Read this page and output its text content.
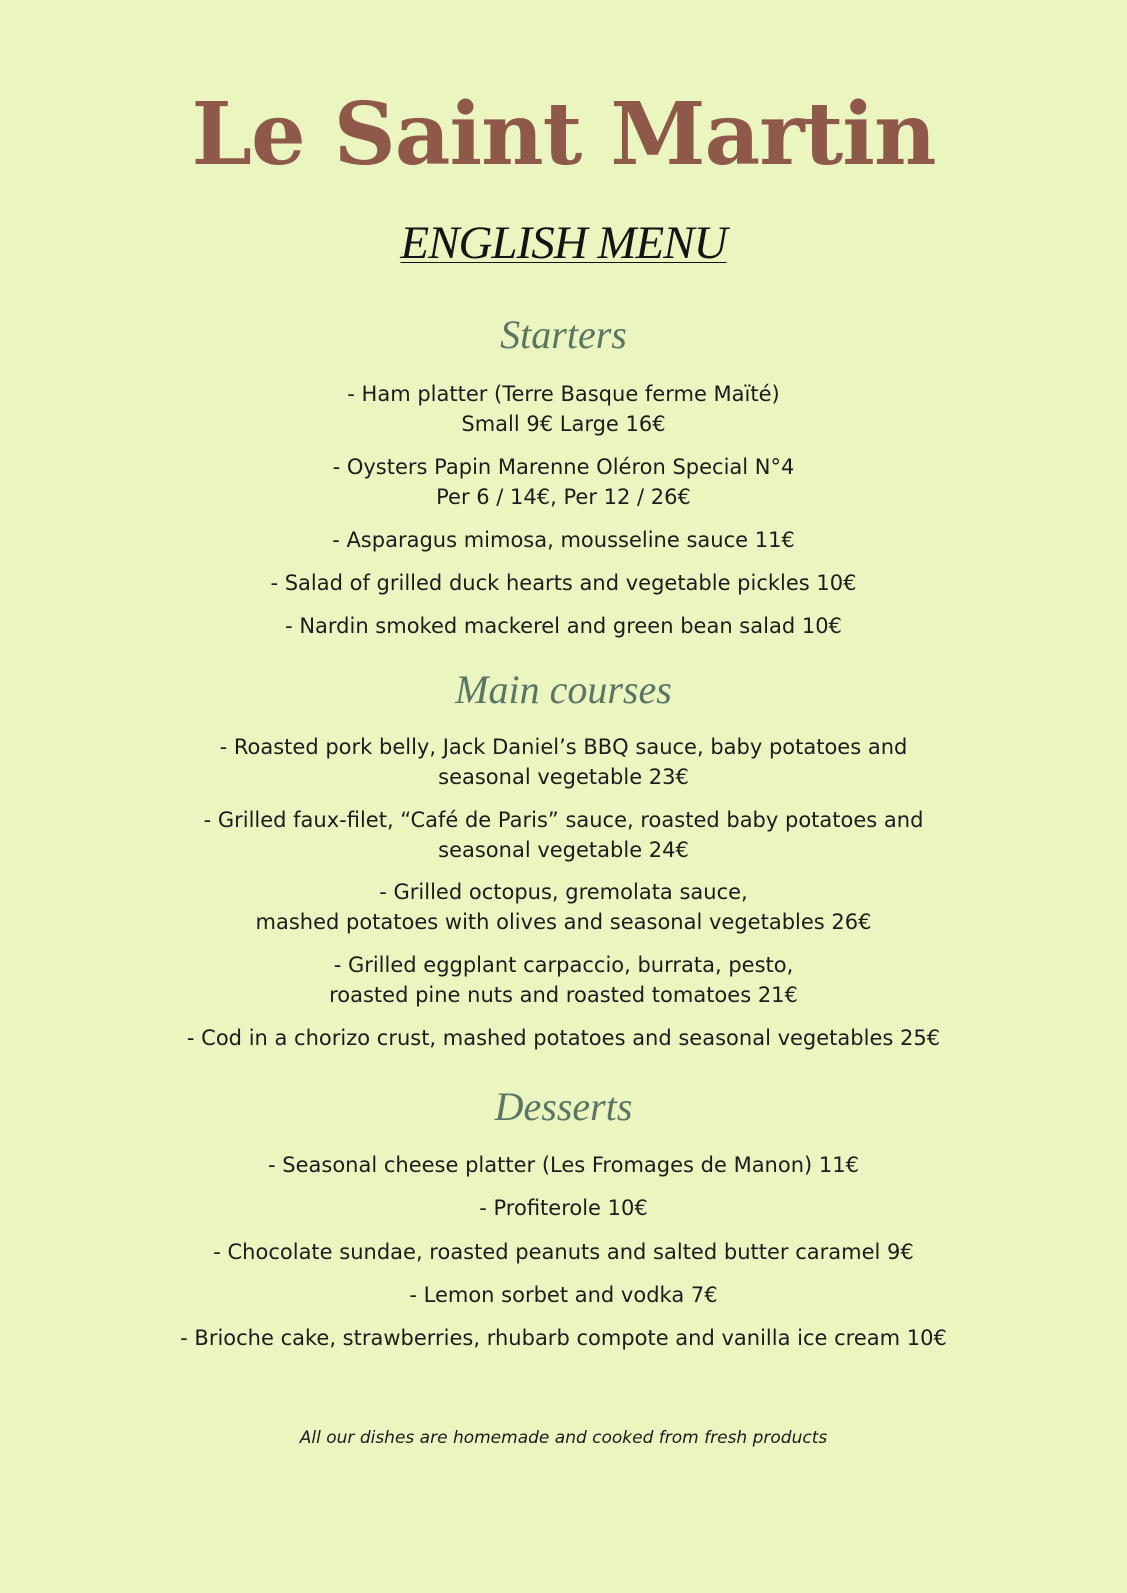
Le Saint Martin
ENGLISH MENU
Starters
- Ham platter (Terre Basque ferme Maïté)
Small 9€ Large 16€
- Oysters Papin Marenne Oléron Special N°4
Per 6 / 14€, Per 12 / 26€
- Asparagus mimosa, mousseline sauce 11€
- Salad of grilled duck hearts and vegetable pickles 10€
- Nardin smoked mackerel and green bean salad 10€
Main courses
- Roasted pork belly, Jack Daniel’s BBQ sauce, baby potatoes and
seasonal vegetable 23€
- Grilled faux-filet, “Café de Paris” sauce, roasted baby potatoes and
seasonal vegetable 24€
- Grilled octopus, gremolata sauce,
mashed potatoes with olives and seasonal vegetables 26€
- Grilled eggplant carpaccio, burrata, pesto,
roasted pine nuts and roasted tomatoes 21€
- Cod in a chorizo crust, mashed potatoes and seasonal vegetables 25€
Desserts
- Seasonal cheese platter (Les Fromages de Manon) 11€
- Profiterole 10€
- Chocolate sundae, roasted peanuts and salted butter caramel 9€
- Lemon sorbet and vodka 7€
- Brioche cake, strawberries, rhubarb compote and vanilla ice cream 10€
All our dishes are homemade and cooked from fresh products
